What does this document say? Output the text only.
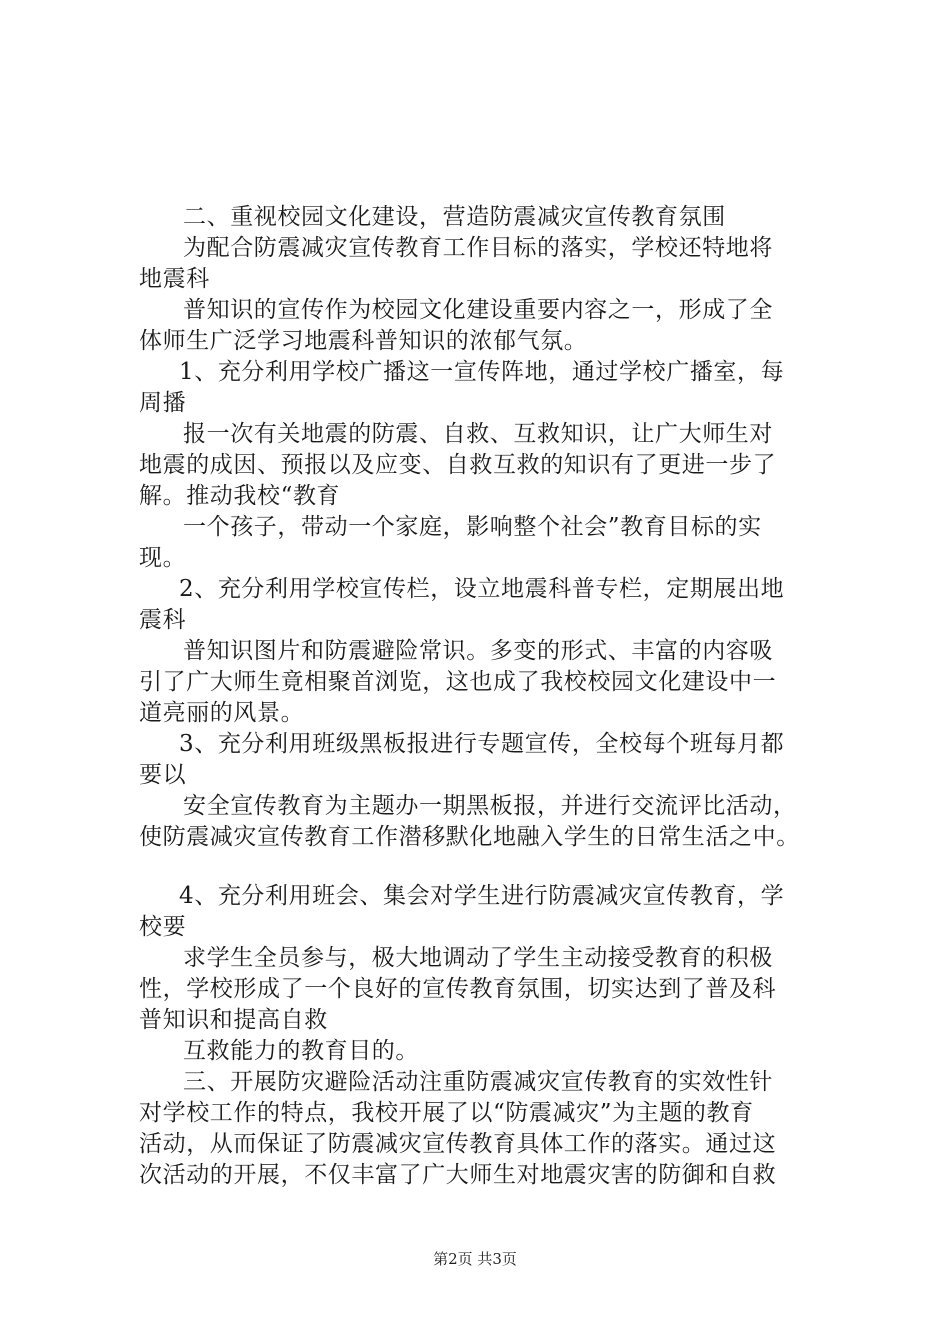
二、重视校园文化建设，营造防震减灾宣传教育氛围
为配合防震减灾宣传教育工作目标的落实，学校还特地将
地震科
普知识的宣传作为校园文化建设重要内容之一，形成了全
体师生广泛学习地震科普知识的浓郁气氛。
1、充分利用学校广播这一宣传阵地，通过学校广播室，每
周播
报一次有关地震的防震、自救、互救知识，让广大师生对
地震的成因、预报以及应变、自救互救的知识有了更进一步了
解。推动我校“教育
一个孩子，带动一个家庭，影响整个社会”教育目标的实
现。
2、充分利用学校宣传栏，设立地震科普专栏，定期展出地
震科
普知识图片和防震避险常识。多变的形式、丰富的内容吸
引了广大师生竟相聚首浏览，这也成了我校校园文化建设中一
道亮丽的风景。
3、充分利用班级黑板报进行专题宣传，全校每个班每月都
要以
安全宣传教育为主题办一期黑板报，并进行交流评比活动，
使防震减灾宣传教育工作潜移默化地融入学生的日常生活之中。
4、充分利用班会、集会对学生进行防震减灾宣传教育，学
校要
求学生全员参与，极大地调动了学生主动接受教育的积极
性，学校形成了一个良好的宣传教育氛围，切实达到了普及科
普知识和提高自救
互救能力的教育目的。
三、开展防灾避险活动注重防震减灾宣传教育的实效性针
对学校工作的特点，我校开展了以“防震减灾”为主题的教育
活动，从而保证了防震减灾宣传教育具体工作的落实。通过这
次活动的开展，不仅丰富了广大师生对地震灾害的防御和自救
第2页 共3页
